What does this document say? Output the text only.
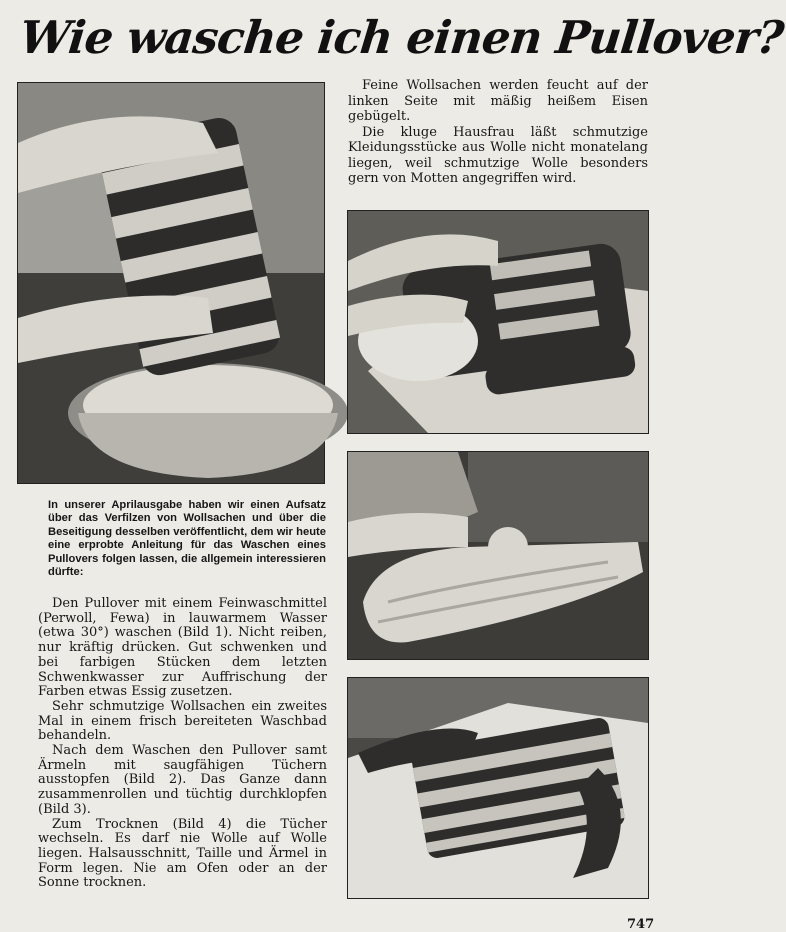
Wie wasche ich einen Pullover?

Feine Wollsachen werden feucht auf der linken Seite mit mäßig heißem Eisen gebügelt.

Die kluge Hausfrau läßt schmutzige Kleidungsstücke aus Wolle nicht monatelang liegen, weil schmutzige Wolle besonders gern von Motten angegriffen wird.

In unserer Aprilausgabe haben wir einen Aufsatz über das Verfilzen von Wollsachen und über die Beseitigung desselben veröffentlicht, dem wir heute eine erprobte Anleitung für das Waschen eines Pullovers folgen lassen, die allgemein interessieren dürfte:

Den Pullover mit einem Feinwaschmittel (Perwoll, Fewa) in lauwarmem Wasser (etwa 30°) waschen (Bild 1). Nicht reiben, nur kräftig drücken. Gut schwenken und bei farbigen Stücken dem letzten Schwenkwasser zur Auffrischung der Farben etwas Essig zusetzen.

Sehr schmutzige Wollsachen ein zweites Mal in einem frisch bereiteten Waschbad behandeln.

Nach dem Waschen den Pullover samt Ärmeln mit saugfähigen Tüchern ausstopfen (Bild 2). Das Ganze dann zusammenrollen und tüchtig durchklopfen (Bild 3).

Zum Trocknen (Bild 4) die Tücher wechseln. Es darf nie Wolle auf Wolle liegen. Halsausschnitt, Taille und Ärmel in Form legen. Nie am Ofen oder an der Sonne trocknen.

747
